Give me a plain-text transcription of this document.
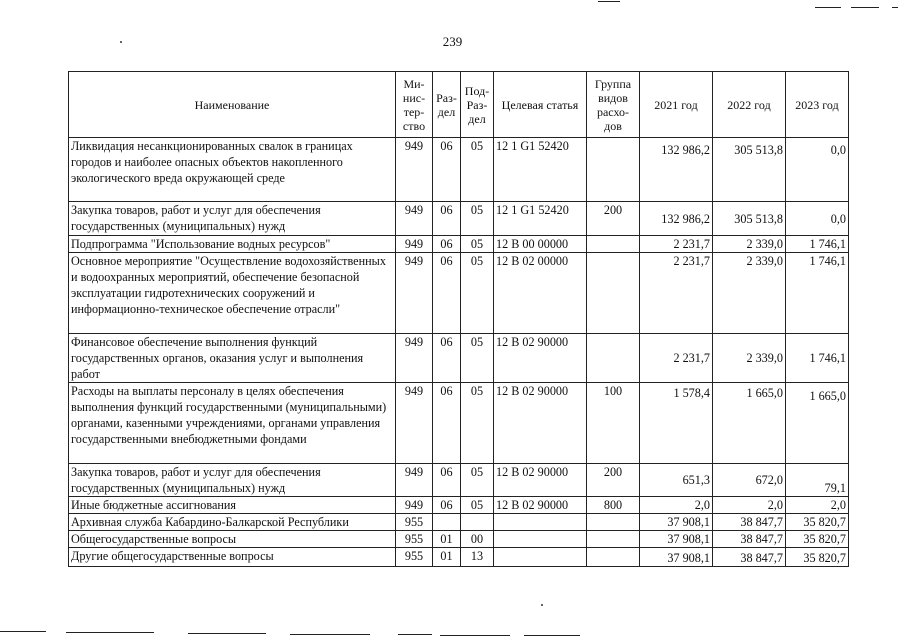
239
Наименование	Ми- нис- тер- ство	Раз- дел	Под- Раз- дел	Целевая статья	Группа видов расхо- дов	2021 год	2022 год	2023 год
Ликвидация несанкционированных свалок в границах городов и наиболее опасных объектов накопленного экологического вреда окружающей среде	949	06	05	12 1 G1 52420		132 986,2	305 513,8	0,0
Закупка товаров, работ и услуг для обеспечения государственных (муниципальных) нужд	949	06	05	12 1 G1 52420	200	132 986,2	305 513,8	0,0
Подпрограмма "Использование водных ресурсов"	949	06	05	12 В 00 00000		2 231,7	2 339,0	1 746,1
Основное мероприятие "Осуществление водохозяйственных и водоохранных мероприятий, обеспечение безопасной эксплуатации гидротехнических сооружений и информационно-техническое обеспечение отрасли"	949	06	05	12 В 02 00000		2 231,7	2 339,0	1 746,1
Финансовое обеспечение выполнения функций государственных органов, оказания услуг и выполнения работ	949	06	05	12 В 02 90000		2 231,7	2 339,0	1 746,1
Расходы на выплаты персоналу в целях обеспечения выполнения функций государственными (муниципальными) органами, казенными учреждениями, органами управления государственными внебюджетными фондами	949	06	05	12 В 02 90000	100	1 578,4	1 665,0	1 665,0
Закупка товаров, работ и услуг для обеспечения государственных (муниципальных) нужд	949	06	05	12 В 02 90000	200	651,3	672,0	79,1
Иные бюджетные ассигнования	949	06	05	12 В 02 90000	800	2,0	2,0	2,0
Архивная служба Кабардино-Балкарской Республики	955					37 908,1	38 847,7	35 820,7
Общегосударственные вопросы	955	01	00			37 908,1	38 847,7	35 820,7
Другие общегосударственные вопросы	955	01	13			37 908,1	38 847,7	35 820,7
